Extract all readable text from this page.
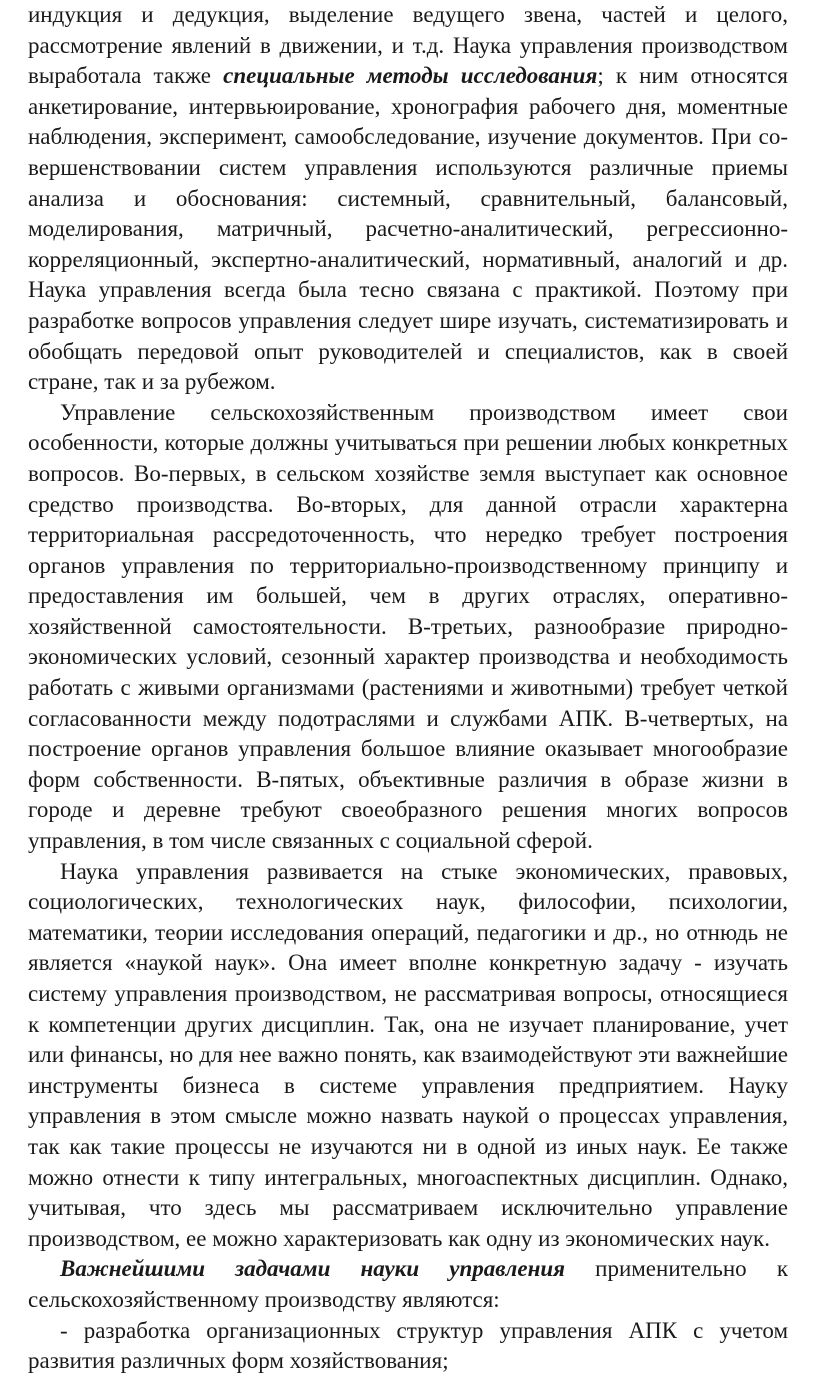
индукция и дедукция, выделение ведущего звена, частей и целого, рассмотрение явлений в движении, и т.д. Наука управления производством выработала также специальные методы исследования; к ним относятся анкетирование, интервьюирование, хронография рабочего дня, моментные наблюдения, эксперимент, самообследование, изучение документов. При совершенствовании систем управления используются различные приемы анализа и обоснования: системный, сравнительный, балансовый, моделирования, матричный, расчетно-аналитический, регрессионно-корреляционный, экспертно-аналитический, нормативный, аналогий и др. Наука управления всегда была тесно связана с практикой. Поэтому при разработке вопросов управления следует шире изучать, систематизировать и обобщать передовой опыт руководителей и специалистов, как в своей стране, так и за рубежом.

Управление сельскохозяйственным производством имеет свои особенности, которые должны учитываться при решении любых конкретных вопросов. Во-первых, в сельском хозяйстве земля выступает как основное средство производства. Во-вторых, для данной отрасли характерна территориальная рассредоточенность, что нередко требует построения органов управления по территориально-производственному принципу и предоставления им большей, чем в других отраслях, оперативно-хозяйственной самостоятельности. В-третьих, разнообразие природно-экономических условий, сезонный характер производства и необходимость работать с живыми организмами (растениями и животными) требует четкой согласованности между подотраслями и службами АПК. В-четвертых, на построение органов управления большое влияние оказывает многообразие форм собственности. В-пятых, объективные различия в образе жизни в городе и деревне требуют своеобразного решения многих вопросов управления, в том числе связанных с социальной сферой.

Наука управления развивается на стыке экономических, правовых, социологических, технологических наук, философии, психологии, математики, теории исследования операций, педагогики и др., но отнюдь не является «наукой наук». Она имеет вполне конкретную задачу - изучать систему управления производством, не рассматривая вопросы, относящиеся к компетенции других дисциплин. Так, она не изучает планирование, учет или финансы, но для нее важно понять, как взаимодействуют эти важнейшие инструменты бизнеса в системе управления предприятием. Науку управления в этом смысле можно назвать наукой о процессах управления, так как такие процессы не изучаются ни в одной из иных наук. Ее также можно отнести к типу интегральных, многоаспектных дисциплин. Однако, учитывая, что здесь мы рассматриваем исключительно управление производством, ее можно характеризовать как одну из экономических наук.

Важнейшими задачами науки управления применительно к сельскохозяйственному производству являются:

- разработка организационных структур управления АПК с учетом развития различных форм хозяйствования;
